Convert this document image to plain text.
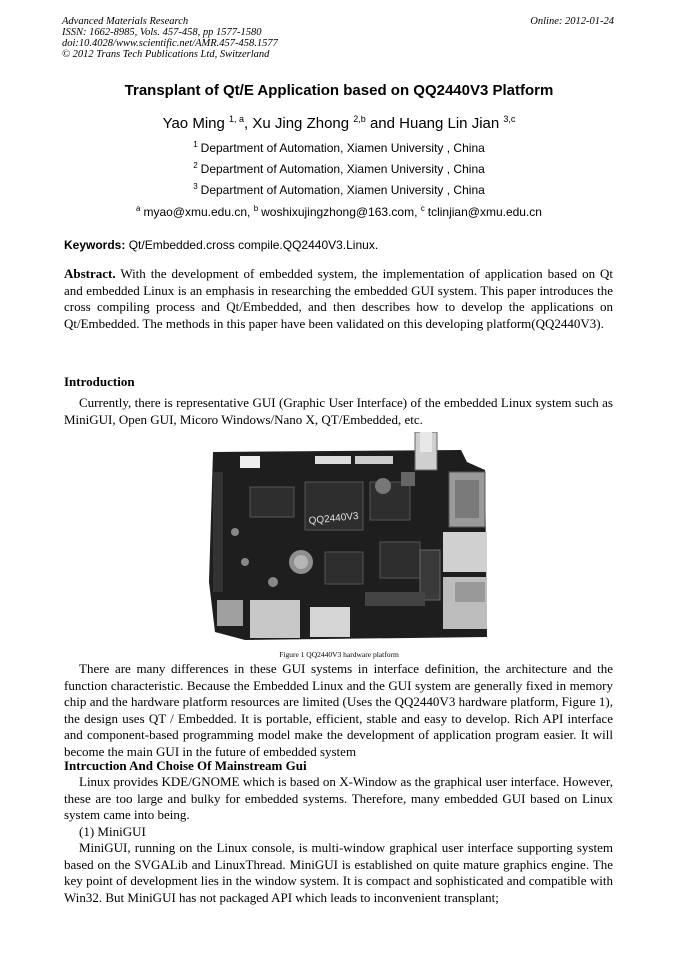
Advanced Materials Research
ISSN: 1662-8985, Vols. 457-458, pp 1577-1580
doi:10.4028/www.scientific.net/AMR.457-458.1577
© 2012 Trans Tech Publications Ltd, Switzerland
Online: 2012-01-24
Transplant of Qt/E Application based on QQ2440V3 Platform
Yao Ming $^{1, a}$, Xu Jing Zhong $^{2,b}$ and Huang Lin Jian $^{3,c}$
$^1$ Department of Automation, Xiamen University , China
$^2$ Department of Automation, Xiamen University , China
$^3$ Department of Automation, Xiamen University , China
$^a$ myao@xmu.edu.cn, $^b$ woshixujingzhong@163.com, $^c$ tclinjian@xmu.edu.cn
Keywords: Qt/Embedded.cross compile.QQ2440V3.Linux.
Abstract. With the development of embedded system, the implementation of application based on Qt and embedded Linux is an emphasis in researching the embedded GUI system. This paper introduces the cross compiling process and Qt/Embedded, and then describes how to develop the applications on Qt/Embedded. The methods in this paper have been validated on this developing platform(QQ2440V3).
Introduction
Currently, there is representative GUI (Graphic User Interface) of the embedded Linux system such as MiniGUI, Open GUI, Micoro Windows/Nano X, QT/Embedded, etc.
QQ2440V3
Figure 1 QQ2440V3 hardware platform
There are many differences in these GUI systems in interface definition, the architecture and the function characteristic. Because the Embedded Linux and the GUI system are generally fixed in memory chip and the hardware platform resources are limited (Uses the QQ2440V3 hardware platform, Figure 1), the design uses QT / Embedded. It is portable, efficient, stable and easy to develop. Rich API interface and component-based programming model make the development of application program easier. It will become the main GUI in the future of embedded system
Intrcuction And Choise Of Mainstream Gui
Linux provides KDE/GNOME which is based on X-Window as the graphical user interface. However, these are too large and bulky for embedded systems. Therefore, many embedded GUI based on Linux system came into being.
(1) MiniGUI
MiniGUI, running on the Linux console, is multi-window graphical user interface supporting system based on the SVGALib and LinuxThread. MiniGUI is established on quite mature graphics engine. The key point of development lies in the window system. It is compact and sophisticated and compatible with Win32. But MiniGUI has not packaged API which leads to inconvenient transplant;
